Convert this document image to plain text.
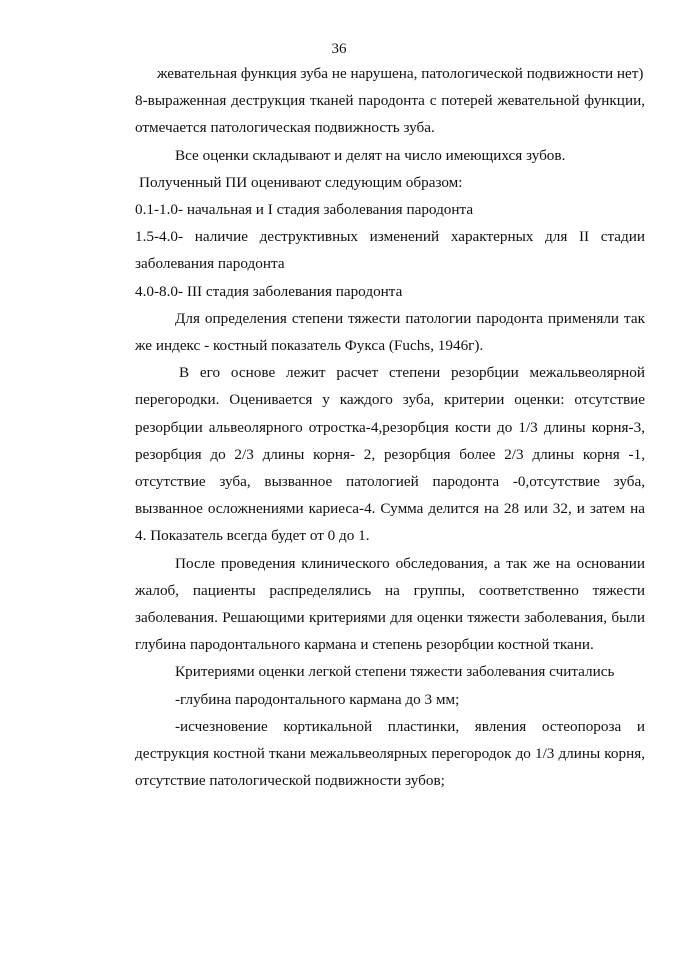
36

жевательная функция зуба не нарушена, патологической подвижности нет)

8-выраженная деструкция тканей пародонта с потерей жевательной функции, отмечается патологическая подвижность зуба.

Все оценки складывают и делят на число имеющихся зубов.

Полученный ПИ оценивают следующим образом:

0.1-1.0- начальная и I стадия заболевания пародонта

1.5-4.0- наличие деструктивных изменений характерных для II стадии заболевания пародонта

4.0-8.0- III стадия заболевания пародонта

Для определения степени тяжести патологии пародонта применяли так же индекс - костный показатель Фукса (Fuchs, 1946г).

В его основе лежит расчет степени резорбции межальвеолярной перегородки. Оценивается у каждого зуба, критерии оценки: отсутствие резорбции альвеолярного отростка-4,резорбция кости до 1/3 длины корня-3, резорбция до 2/3 длины корня- 2, резорбция более 2/3 длины корня -1, отсутствие зуба, вызванное патологией пародонта -0,отсутствие зуба, вызванное осложнениями кариеса-4. Сумма делится на 28 или 32, и затем на 4. Показатель всегда будет от 0 до 1.

После проведения клинического обследования, а так же на основании жалоб, пациенты распределялись на группы, соответственно тяжести заболевания. Решающими критериями для оценки тяжести заболевания, были глубина пародонтального кармана и степень резорбции костной ткани.

Критериями оценки легкой степени тяжести заболевания считались

-глубина пародонтального кармана до 3 мм;

-исчезновение кортикальной пластинки, явления остеопороза и деструкция костной ткани межальвеолярных перегородок до 1/3 длины корня, отсутствие патологической подвижности зубов;
